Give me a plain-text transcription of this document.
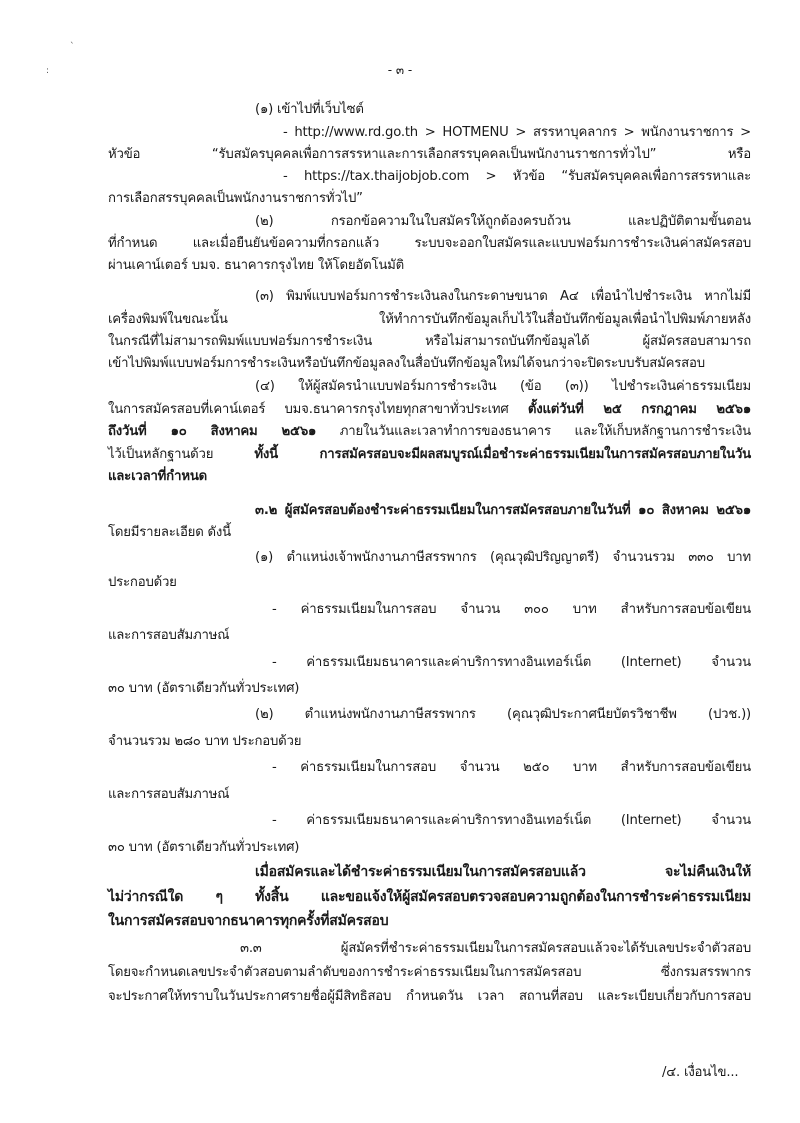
`
:	- ๓ -
(๑) เข้าไปที่เว็บไซต์
- http://www.rd.go.th > HOTMENU > สรรหาบุคลากร > พนักงานราชการ >
หัวข้อ “รับสมัครบุคคลเพื่อการสรรหาและการเลือกสรรบุคคลเป็นพนักงานราชการทั่วไป” หรือ
- https://tax.thaijobjob.com > หัวข้อ “รับสมัครบุคคลเพื่อการสรรหาและ
การเลือกสรรบุคคลเป็นพนักงานราชการทั่วไป”
(๒) กรอกข้อความในใบสมัครให้ถูกต้องครบถ้วน และปฏิบัติตามขั้นตอน
ที่กำหนด และเมื่อยืนยันข้อความที่กรอกแล้ว ระบบจะออกใบสมัครและแบบฟอร์มการชำระเงินค่าสมัครสอบ
ผ่านเคาน์เตอร์ บมจ. ธนาคารกรุงไทย ให้โดยอัตโนมัติ
(๓) พิมพ์แบบฟอร์มการชำระเงินลงในกระดาษขนาด A๔ เพื่อนำไปชำระเงิน หากไม่มี
เครื่องพิมพ์ในขณะนั้น ให้ทำการบันทึกข้อมูลเก็บไว้ในสื่อบันทึกข้อมูลเพื่อนำไปพิมพ์ภายหลัง
ในกรณีที่ไม่สามารถพิมพ์แบบฟอร์มการชำระเงิน หรือไม่สามารถบันทึกข้อมูลได้ ผู้สมัครสอบสามารถ
เข้าไปพิมพ์แบบฟอร์มการชำระเงินหรือบันทึกข้อมูลลงในสื่อบันทึกข้อมูลใหม่ได้จนกว่าจะปิดระบบรับสมัครสอบ
(๔) ให้ผู้สมัครนำแบบฟอร์มการชำระเงิน (ข้อ (๓)) ไปชำระเงินค่าธรรมเนียม
ในการสมัครสอบที่เคาน์เตอร์ บมจ.ธนาคารกรุงไทยทุกสาขาทั่วประเทศ ตั้งแต่วันที่ ๒๕ กรกฎาคม ๒๕๖๑
ถึงวันที่ ๑๐ สิงหาคม ๒๕๖๑ ภายในวันและเวลาทำการของธนาคาร และให้เก็บหลักฐานการชำระเงิน
ไว้เป็นหลักฐานด้วย ทั้งนี้ การสมัครสอบจะมีผลสมบูรณ์เมื่อชำระค่าธรรมเนียมในการสมัครสอบภายในวัน
และเวลาที่กำหนด
๓.๒ ผู้สมัครสอบต้องชำระค่าธรรมเนียมในการสมัครสอบภายในวันที่ ๑๐ สิงหาคม ๒๕๖๑
โดยมีรายละเอียด ดังนี้
(๑) ตำแหน่งเจ้าพนักงานภาษีสรรพากร (คุณวุฒิปริญญาตรี) จำนวนรวม ๓๓๐ บาท
ประกอบด้วย
- ค่าธรรมเนียมในการสอบ จำนวน ๓๐๐ บาท สำหรับการสอบข้อเขียน
และการสอบสัมภาษณ์
- ค่าธรรมเนียมธนาคารและค่าบริการทางอินเทอร์เน็ต (Internet) จำนวน
๓๐ บาท (อัตราเดียวกันทั่วประเทศ)
(๒) ตำแหน่งพนักงานภาษีสรรพากร (คุณวุฒิประกาศนียบัตรวิชาชีพ (ปวช.))
จำนวนรวม ๒๘๐ บาท ประกอบด้วย
- ค่าธรรมเนียมในการสอบ จำนวน ๒๕๐ บาท สำหรับการสอบข้อเขียน
และการสอบสัมภาษณ์
- ค่าธรรมเนียมธนาคารและค่าบริการทางอินเทอร์เน็ต (Internet) จำนวน
๓๐ บาท (อัตราเดียวกันทั่วประเทศ)
เมื่อสมัครและได้ชำระค่าธรรมเนียมในการสมัครสอบแล้ว จะไม่คืนเงินให้
ไม่ว่ากรณีใด ๆ ทั้งสิ้น และขอแจ้งให้ผู้สมัครสอบตรวจสอบความถูกต้องในการชำระค่าธรรมเนียม
ในการสมัครสอบจากธนาคารทุกครั้งที่สมัครสอบ
๓.๓ ผู้สมัครที่ชำระค่าธรรมเนียมในการสมัครสอบแล้วจะได้รับเลขประจำตัวสอบ
โดยจะกำหนดเลขประจำตัวสอบตามลำดับของการชำระค่าธรรมเนียมในการสมัครสอบ ซึ่งกรมสรรพากร
จะประกาศให้ทราบในวันประกาศรายชื่อผู้มีสิทธิสอบ กำหนดวัน เวลา สถานที่สอบ และระเบียบเกี่ยวกับการสอบ
/๔. เงื่อนไข...
